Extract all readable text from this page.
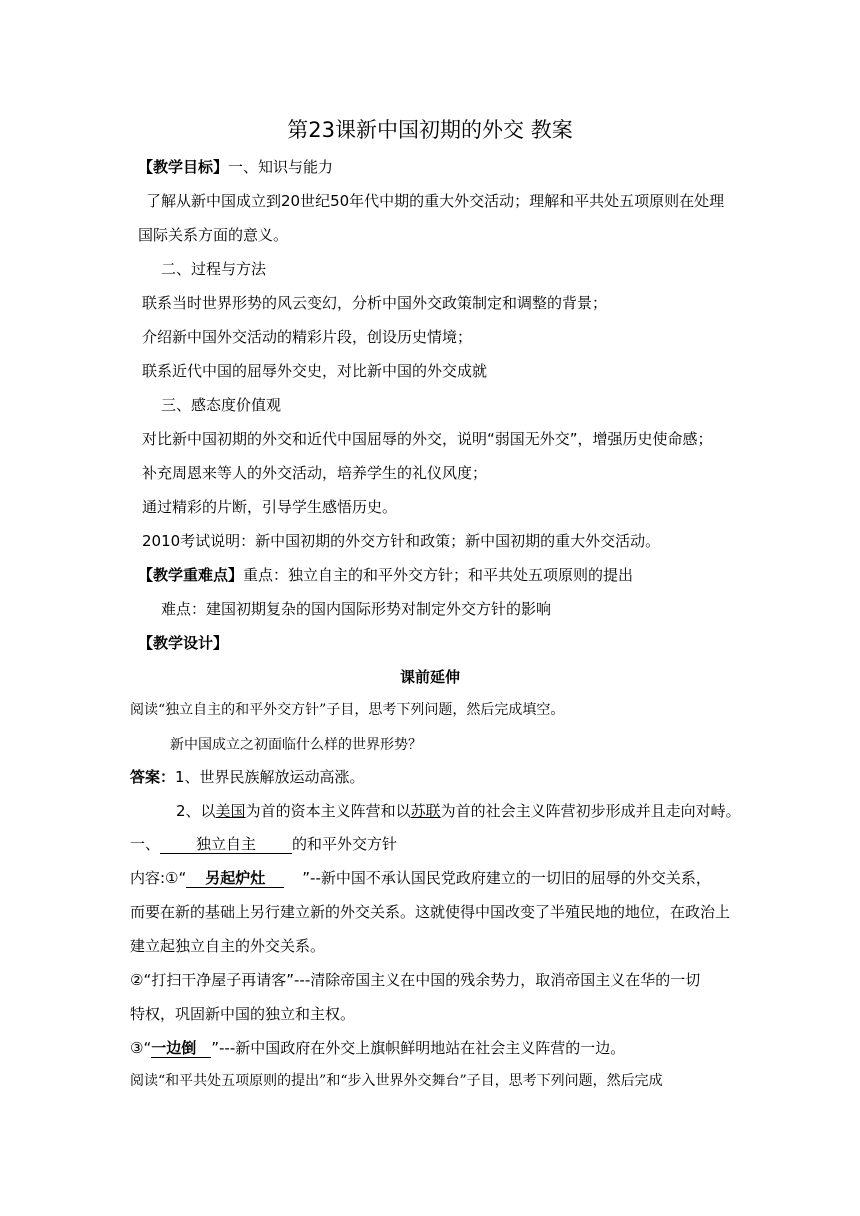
第23课新中国初期的外交 教案
【教学目标】一、知识与能力
了解从新中国成立到20世纪50年代中期的重大外交活动；理解和平共处五项原则在处理
国际关系方面的意义。
二、过程与方法
联系当时世界形势的风云变幻，分析中国外交政策制定和调整的背景；
介绍新中国外交活动的精彩片段，创设历史情境；
联系近代中国的屈辱外交史，对比新中国的外交成就
三、感态度价值观
对比新中国初期的外交和近代中国屈辱的外交，说明“弱国无外交”，增强历史使命感；
补充周恩来等人的外交活动，培养学生的礼仪风度；
通过精彩的片断，引导学生感悟历史。
2010考试说明：新中国初期的外交方针和政策；新中国初期的重大外交活动。
【教学重难点】重点：独立自主的和平外交方针；和平共处五项原则的提出
难点：建国初期复杂的国内国际形势对制定外交方针的影响
【教学设计】
课前延伸
阅读“独立自主的和平外交方针”子目，思考下列问题，然后完成填空。
新中国成立之初面临什么样的世界形势？
答案：1、世界民族解放运动高涨。
2、以美国为首的资本主义阵营和以苏联为首的社会主义阵营初步形成并且走向对峙。
一、 独立自主 的和平外交方针
内容:①“ 另起炉灶 ”--新中国不承认国民党政府建立的一切旧的屈辱的外交关系，
而要在新的基础上另行建立新的外交关系。这就使得中国改变了半殖民地的地位，在政治上
建立起独立自主的外交关系。
②“打扫干净屋子再请客”---清除帝国主义在中国的残余势力，取消帝国主义在华的一切
特权，巩固新中国的独立和主权。
③“一边倒 ”---新中国政府在外交上旗帜鲜明地站在社会主义阵营的一边。
阅读“和平共处五项原则的提出”和“步入世界外交舞台”子目，思考下列问题，然后完成
